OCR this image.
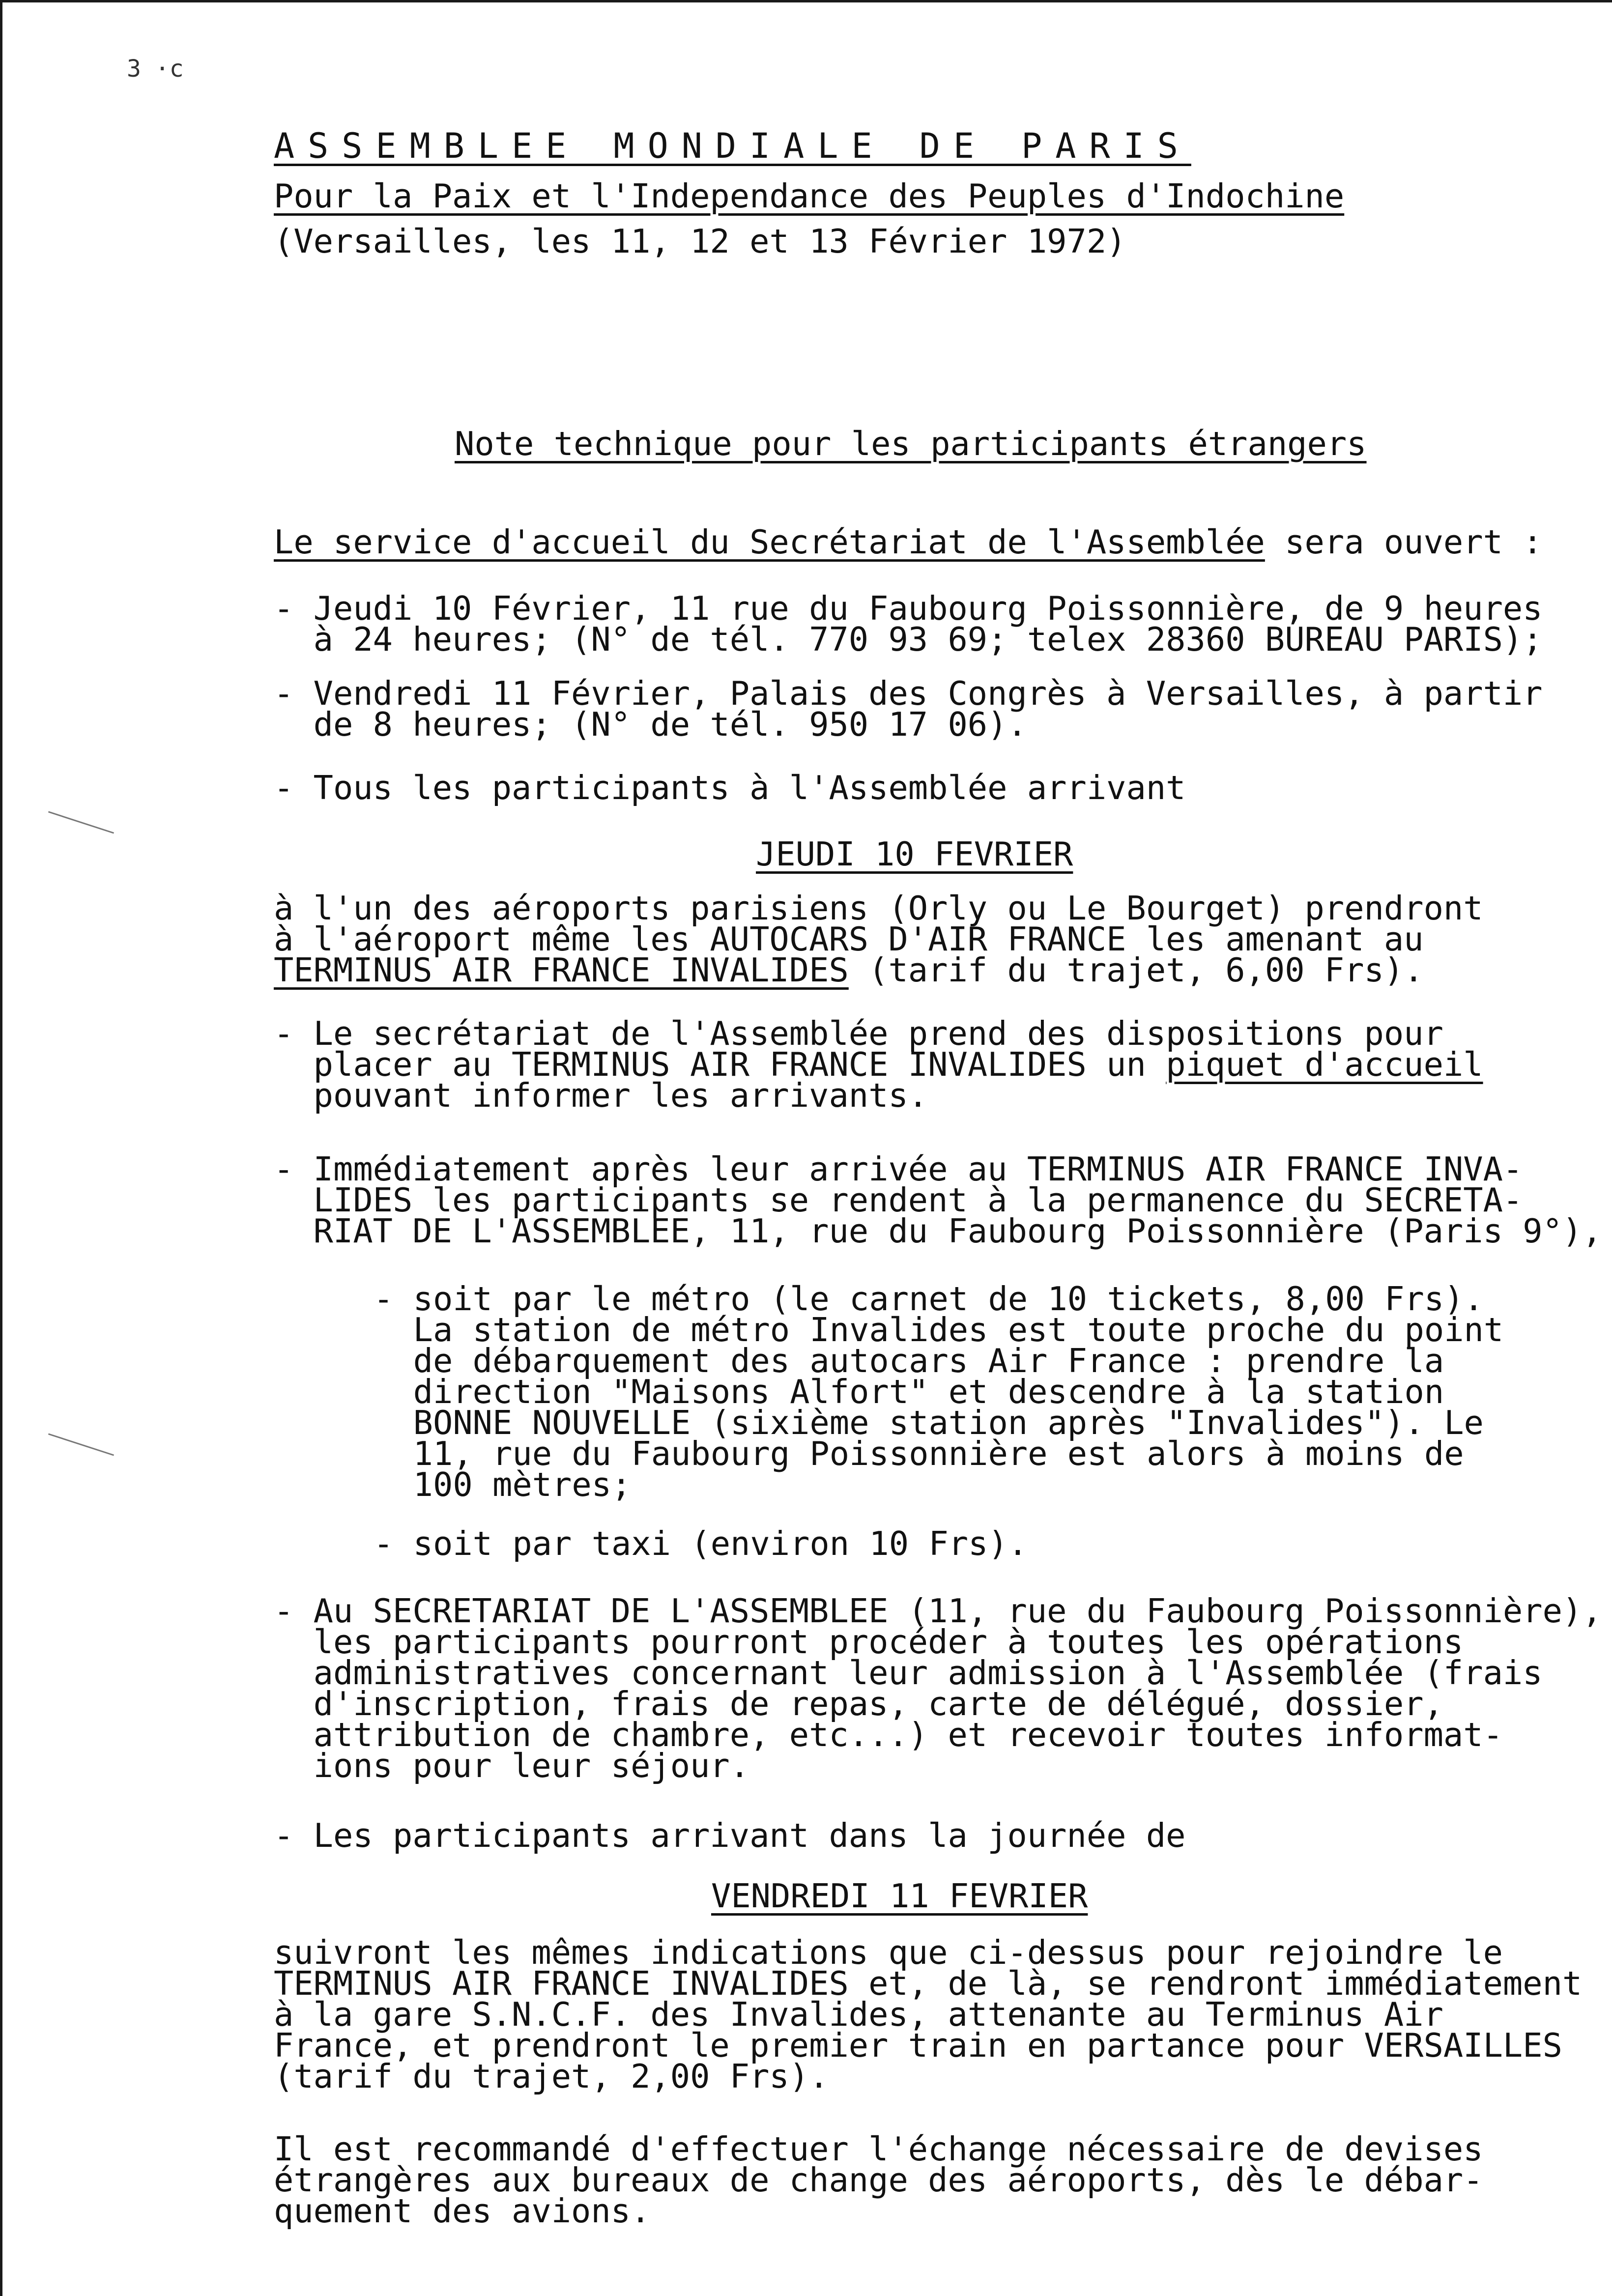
3 ·c
ASSEMBLEE MONDIALE DE PARIS
Pour la Paix et l'Independance des Peuples d'Indochine
(Versailles, les 11, 12 et 13 Février 1972)
Note technique pour les participants étrangers
Le service d'accueil du Secrétariat de l'Assemblée sera ouvert :
- Jeudi 10 Février, 11 rue du Faubourg Poissonnière, de 9 heures
à 24 heures; (N° de tél. 770 93 69; telex 28360 BUREAU PARIS);
- Vendredi 11 Février, Palais des Congrès à Versailles, à partir
de 8 heures; (N° de tél. 950 17 06).
- Tous les participants à l'Assemblée arrivant
JEUDI 10 FEVRIER
à l'un des aéroports parisiens (Orly ou Le Bourget) prendront
à l'aéroport même les AUTOCARS D'AIR FRANCE les amenant au
TERMINUS AIR FRANCE INVALIDES (tarif du trajet, 6,00 Frs).
- Le secrétariat de l'Assemblée prend des dispositions pour
placer au TERMINUS AIR FRANCE INVALIDES un piquet d'accueil
pouvant informer les arrivants.
- Immédiatement après leur arrivée au TERMINUS AIR FRANCE INVA-
LIDES les participants se rendent à la permanence du SECRETA-
RIAT DE L'ASSEMBLEE, 11, rue du Faubourg Poissonnière (Paris 9°),
- soit par le métro (le carnet de 10 tickets, 8,00 Frs).
La station de métro Invalides est toute proche du point
de débarquement des autocars Air France : prendre la
direction "Maisons Alfort" et descendre à la station
BONNE NOUVELLE (sixième station après "Invalides"). Le
11, rue du Faubourg Poissonnière est alors à moins de
100 mètres;
- soit par taxi (environ 10 Frs).
- Au SECRETARIAT DE L'ASSEMBLEE (11, rue du Faubourg Poissonnière),
les participants pourront procéder à toutes les opérations
administratives concernant leur admission à l'Assemblée (frais
d'inscription, frais de repas, carte de délégué, dossier,
attribution de chambre, etc...) et recevoir toutes informat-
ions pour leur séjour.
- Les participants arrivant dans la journée de
VENDREDI 11 FEVRIER
suivront les mêmes indications que ci-dessus pour rejoindre le
TERMINUS AIR FRANCE INVALIDES et, de là, se rendront immédiatement
à la gare S.N.C.F. des Invalides, attenante au Terminus Air
France, et prendront le premier train en partance pour VERSAILLES
(tarif du trajet, 2,00 Frs).
Il est recommandé d'effectuer l'échange nécessaire de devises
étrangères aux bureaux de change des aéroports, dès le débar-
quement des avions.
